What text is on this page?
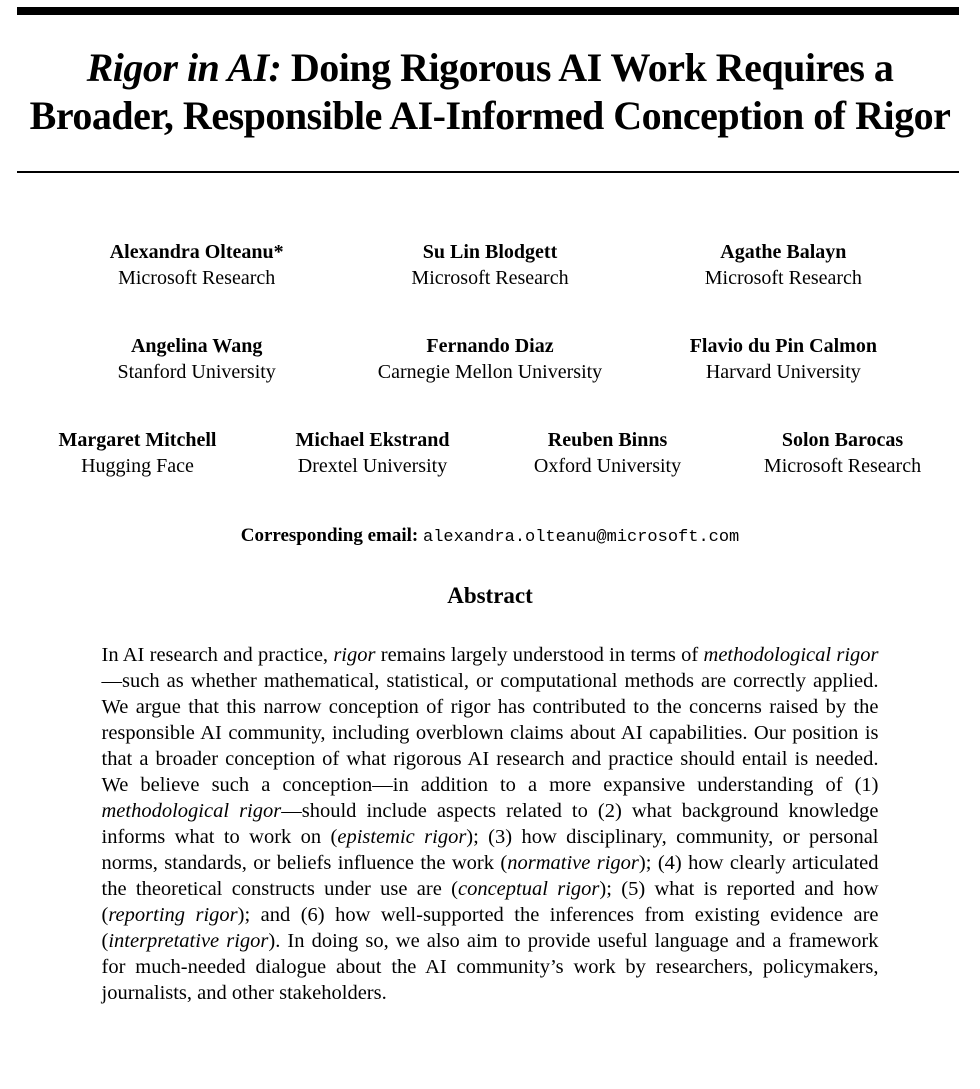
Rigor in AI: Doing Rigorous AI Work Requires a
Broader, Responsible AI-Informed Conception of Rigor
Alexandra Olteanu*
Microsoft Research
Su Lin Blodgett
Microsoft Research
Agathe Balayn
Microsoft Research
Angelina Wang
Stanford University
Fernando Diaz
Carnegie Mellon University
Flavio du Pin Calmon
Harvard University
Margaret Mitchell
Hugging Face
Michael Ekstrand
Drextel University
Reuben Binns
Oxford University
Solon Barocas
Microsoft Research
Corresponding email: alexandra.olteanu@microsoft.com
Abstract
In AI research and practice, rigor remains largely understood in terms of methodological rigor—such as whether mathematical, statistical, or computational methods are correctly applied. We argue that this narrow conception of rigor has contributed to the concerns raised by the responsible AI community, including overblown claims about AI capabilities. Our position is that a broader conception of what rigorous AI research and practice should entail is needed. We believe such a conception—in addition to a more expansive understanding of (1) methodological rigor—should include aspects related to (2) what background knowledge informs what to work on (epistemic rigor); (3) how disciplinary, community, or personal norms, standards, or beliefs influence the work (normative rigor); (4) how clearly articulated the theoretical constructs under use are (conceptual rigor); (5) what is reported and how (reporting rigor); and (6) how well-supported the inferences from existing evidence are (interpretative rigor). In doing so, we also aim to provide useful language and a framework for much-needed dialogue about the AI community’s work by researchers, policymakers, journalists, and other stakeholders.
